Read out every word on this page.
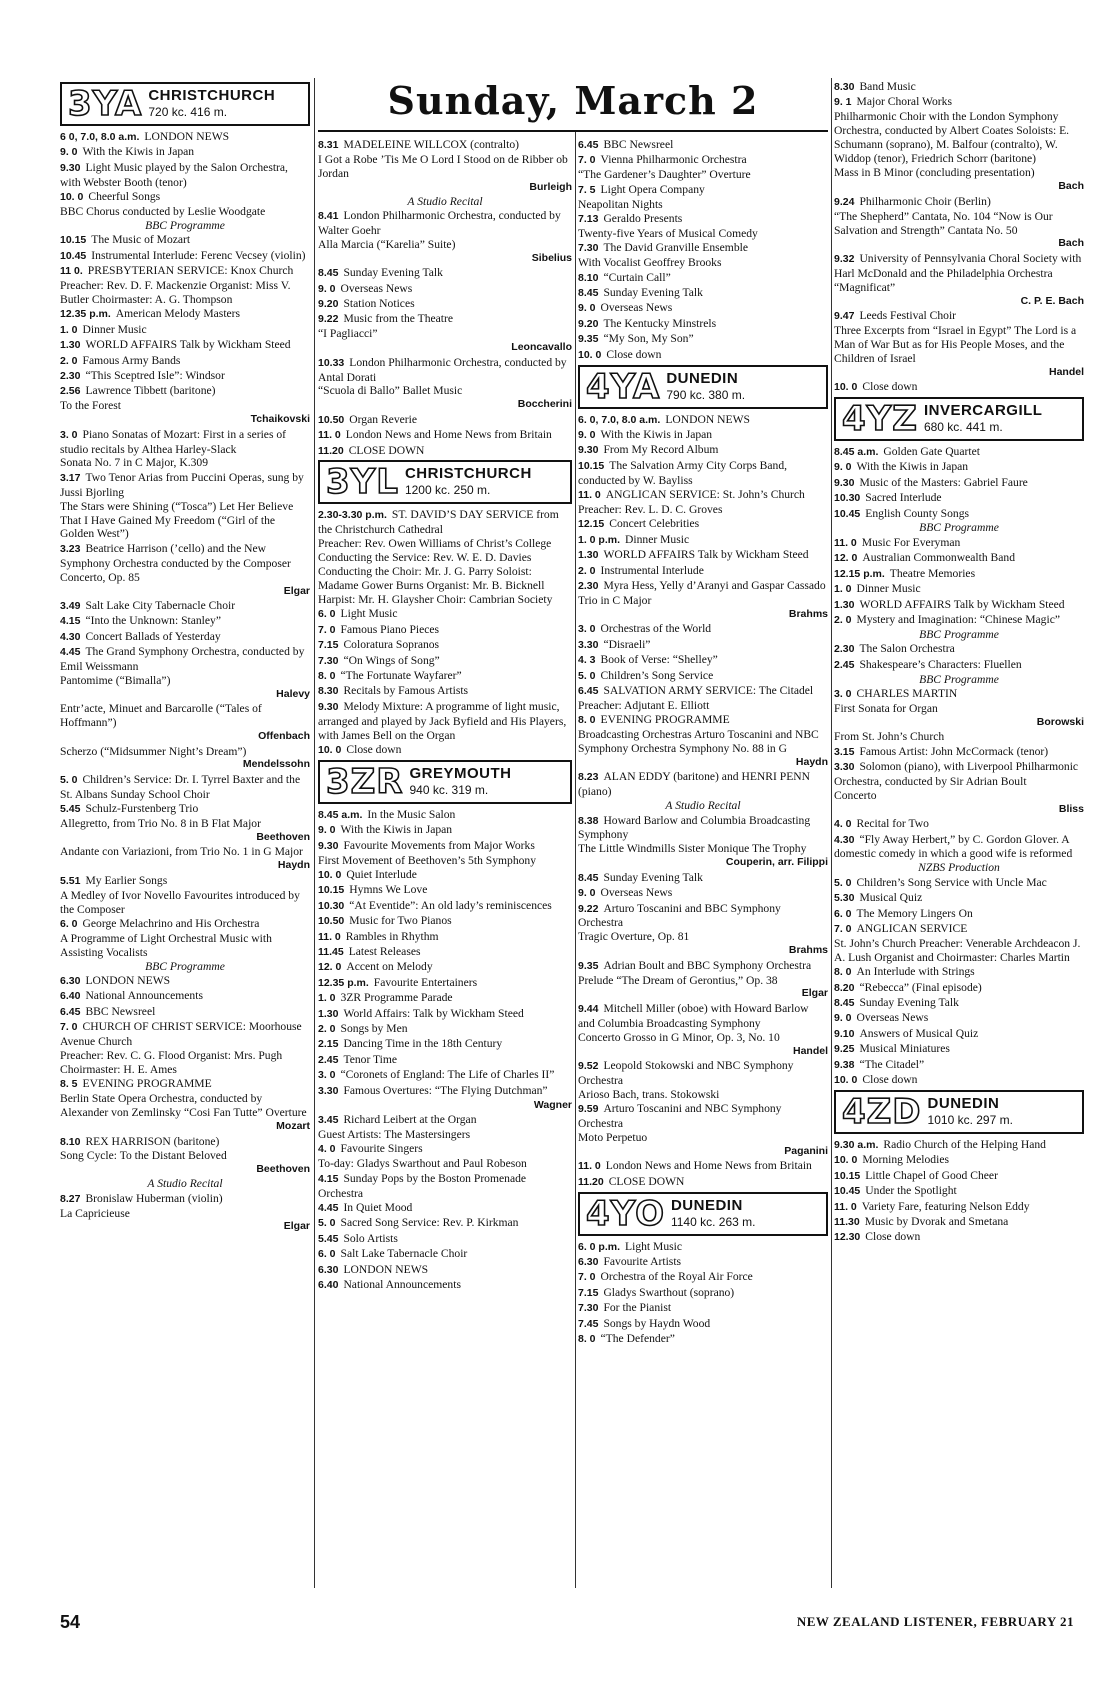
Sunday, March 2
3YA CHRISTCHURCH
720 kc. 416 m.
6 0, 7.0, 8.0 a.m. LONDON NEWS
9. 0 With the Kiwis in Japan
9.30 Light Music played by the Salon Orchestra, with Webster Booth (tenor)
10. 0 Cheerful Songs
BBC Chorus conducted by Leslie Woodgate
BBC Programme
10.15 The Music of Mozart
10.45 Instrumental Interlude: Ferenc Vecsey (violin)
11 0. PRESBYTERIAN SERVICE: Knox Church
Preacher: Rev. D. F. Mackenzie Organist: Miss V. Butler Choirmaster: A. G. Thompson
12.35 p.m. American Melody Masters
1. 0 Dinner Music
1.30 WORLD AFFAIRS Talk by Wickham Steed
2. 0 Famous Army Bands
2.30 “This Sceptred Isle”: Windsor
2.56 Lawrence Tibbett (baritone)
To the Forest
Tchaikovski
3. 0 Piano Sonatas of Mozart: First in a series of studio recitals by Althea Harley-Slack
Sonata No. 7 in C Major, K.309
3.17 Two Tenor Arias from Puccini Operas, sung by Jussi Bjorling
The Stars were Shining (“Tosca”) Let Her Believe That I Have Gained My Freedom (“Girl of the Golden West”)
3.23 Beatrice Harrison (’cello) and the New Symphony Orchestra conducted by the Composer
Concerto, Op. 85
Elgar
3.49 Salt Lake City Tabernacle Choir
4.15 “Into the Unknown: Stanley”
4.30 Concert Ballads of Yesterday
4.45 The Grand Symphony Orchestra, conducted by Emil Weissmann
Pantomime (“Bimalla”)
Halevy
Entr’acte, Minuet and Barcarolle (“Tales of Hoffmann”)
Offenbach
Scherzo (“Midsummer Night’s Dream”)
Mendelssohn
5. 0 Children’s Service: Dr. I. Tyrrel Baxter and the St. Albans Sunday School Choir
5.45 Schulz-Furstenberg Trio
Allegretto, from Trio No. 8 in B Flat Major
Beethoven
Andante con Variazioni, from Trio No. 1 in G Major
Haydn
5.51 My Earlier Songs
A Medley of Ivor Novello Favourites introduced by the Composer
6. 0 George Melachrino and His Orchestra
A Programme of Light Orchestral Music with Assisting Vocalists
BBC Programme
6.30 LONDON NEWS
6.40 National Announcements
6.45 BBC Newsreel
7. 0 CHURCH OF CHRIST SERVICE: Moorhouse Avenue Church
Preacher: Rev. C. G. Flood Organist: Mrs. Pugh Choirmaster: H. E. Ames
8. 5 EVENING PROGRAMME
Berlin State Opera Orchestra, conducted by Alexander von Zemlinsky “Cosi Fan Tutte” Overture
Mozart
8.10 REX HARRISON (baritone)
Song Cycle: To the Distant Beloved
Beethoven
A Studio Recital
8.27 Bronislaw Huberman (violin)
La Capricieuse
Elgar
8.31 MADELEINE WILLCOX (contralto)
I Got a Robe ’Tis Me O Lord I Stood on de Ribber ob Jordan
Burleigh
A Studio Recital
8.41 London Philharmonic Orchestra, conducted by Walter Goehr
Alla Marcia (“Karelia” Suite)
Sibelius
8.45 Sunday Evening Talk
9. 0 Overseas News
9.20 Station Notices
9.22 Music from the Theatre
“I Pagliacci”
Leoncavallo
10.33 London Philharmonic Orchestra, conducted by Antal Dorati
“Scuola di Ballo” Ballet Music
Boccherini
10.50 Organ Reverie
11. 0 London News and Home News from Britain
11.20 CLOSE DOWN
3YL CHRISTCHURCH
1200 kc. 250 m.
2.30-3.30 p.m. ST. DAVID’S DAY SERVICE from the Christchurch Cathedral
Preacher: Rev. Owen Williams of Christ’s College Conducting the Service: Rev. W. E. D. Davies Conducting the Choir: Mr. J. G. Parry Soloist: Madame Gower Burns Organist: Mr. B. Bicknell Harpist: Mr. H. Glaysher Choir: Cambrian Society
6. 0 Light Music
7. 0 Famous Piano Pieces
7.15 Coloratura Sopranos
7.30 “On Wings of Song”
8. 0 “The Fortunate Wayfarer”
8.30 Recitals by Famous Artists
9.30 Melody Mixture: A programme of light music, arranged and played by Jack Byfield and His Players, with James Bell on the Organ
10. 0 Close down
3ZR GREYMOUTH
940 kc. 319 m.
8.45 a.m. In the Music Salon
9. 0 With the Kiwis in Japan
9.30 Favourite Movements from Major Works
First Movement of Beethoven’s 5th Symphony
10. 0 Quiet Interlude
10.15 Hymns We Love
10.30 “At Eventide”: An old lady’s reminiscences
10.50 Music for Two Pianos
11. 0 Rambles in Rhythm
11.45 Latest Releases
12. 0 Accent on Melody
12.35 p.m. Favourite Entertainers
1. 0 3ZR Programme Parade
1.30 World Affairs: Talk by Wickham Steed
2. 0 Songs by Men
2.15 Dancing Time in the 18th Century
2.45 Tenor Time
3. 0 “Coronets of England: The Life of Charles II”
3.30 Famous Overtures: “The Flying Dutchman”
Wagner
3.45 Richard Leibert at the Organ
Guest Artists: The Mastersingers
4. 0 Favourite Singers
To-day: Gladys Swarthout and Paul Robeson
4.15 Sunday Pops by the Boston Promenade Orchestra
4.45 In Quiet Mood
5. 0 Sacred Song Service: Rev. P. Kirkman
5.45 Solo Artists
6. 0 Salt Lake Tabernacle Choir
6.30 LONDON NEWS
6.40 National Announcements
6.45 BBC Newsreel
7. 0 Vienna Philharmonic Orchestra
“The Gardener’s Daughter” Overture
7. 5 Light Opera Company
Neapolitan Nights
7.13 Geraldo Presents
Twenty-five Years of Musical Comedy
7.30 The David Granville Ensemble
With Vocalist Geoffrey Brooks
8.10 “Curtain Call”
8.45 Sunday Evening Talk
9. 0 Overseas News
9.20 The Kentucky Minstrels
9.35 “My Son, My Son”
10. 0 Close down
4YA DUNEDIN
790 kc. 380 m.
6. 0, 7.0, 8.0 a.m. LONDON NEWS
9. 0 With the Kiwis in Japan
9.30 From My Record Album
10.15 The Salvation Army City Corps Band, conducted by W. Bayliss
11. 0 ANGLICAN SERVICE: St. John’s Church
Preacher: Rev. L. D. C. Groves
12.15 Concert Celebrities
1. 0 p.m. Dinner Music
1.30 WORLD AFFAIRS Talk by Wickham Steed
2. 0 Instrumental Interlude
2.30 Myra Hess, Yelly d’Aranyi and Gaspar Cassado
Trio in C Major
Brahms
3. 0 Orchestras of the World
3.30 “Disraeli”
4. 3 Book of Verse: “Shelley”
5. 0 Children’s Song Service
6.45 SALVATION ARMY SERVICE: The Citadel
Preacher: Adjutant E. Elliott
8. 0 EVENING PROGRAMME
Broadcasting Orchestras Arturo Toscanini and NBC Symphony Orchestra Symphony No. 88 in G
Haydn
8.23 ALAN EDDY (baritone) and HENRI PENN (piano)
A Studio Recital
8.38 Howard Barlow and Columbia Broadcasting Symphony
The Little Windmills Sister Monique The Trophy
Couperin, arr. Filippi
8.45 Sunday Evening Talk
9. 0 Overseas News
9.22 Arturo Toscanini and BBC Symphony Orchestra
Tragic Overture, Op. 81
Brahms
9.35 Adrian Boult and BBC Symphony Orchestra
Prelude “The Dream of Gerontius,” Op. 38
Elgar
9.44 Mitchell Miller (oboe) with Howard Barlow and Columbia Broadcasting Symphony
Concerto Grosso in G Minor, Op. 3, No. 10
Handel
9.52 Leopold Stokowski and NBC Symphony Orchestra
Arioso Bach, trans. Stokowski
9.59 Arturo Toscanini and NBC Symphony Orchestra
Moto Perpetuo
Paganini
11. 0 London News and Home News from Britain
11.20 CLOSE DOWN
4YO DUNEDIN
1140 kc. 263 m.
6. 0 p.m. Light Music
6.30 Favourite Artists
7. 0 Orchestra of the Royal Air Force
7.15 Gladys Swarthout (soprano)
7.30 For the Pianist
7.45 Songs by Haydn Wood
8. 0 “The Defender”
8.30 Band Music
9. 1 Major Choral Works
Philharmonic Choir with the London Symphony Orchestra, conducted by Albert Coates Soloists: E. Schumann (soprano), M. Balfour (contralto), W. Widdop (tenor), Friedrich Schorr (baritone)
Mass in B Minor (concluding presentation)
Bach
9.24 Philharmonic Choir (Berlin)
“The Shepherd” Cantata, No. 104 “Now is Our Salvation and Strength” Cantata No. 50
Bach
9.32 University of Pennsylvania Choral Society with Harl McDonald and the Philadelphia Orchestra
“Magnificat”
C. P. E. Bach
9.47 Leeds Festival Choir
Three Excerpts from “Israel in Egypt” The Lord is a Man of War But as for His People Moses, and the Children of Israel
Handel
10. 0 Close down
4YZ INVERCARGILL
680 kc. 441 m.
8.45 a.m. Golden Gate Quartet
9. 0 With the Kiwis in Japan
9.30 Music of the Masters: Gabriel Faure
10.30 Sacred Interlude
10.45 English County Songs
BBC Programme
11. 0 Music For Everyman
12. 0 Australian Commonwealth Band
12.15 p.m. Theatre Memories
1. 0 Dinner Music
1.30 WORLD AFFAIRS Talk by Wickham Steed
2. 0 Mystery and Imagination: “Chinese Magic”
BBC Programme
2.30 The Salon Orchestra
2.45 Shakespeare’s Characters: Fluellen
BBC Programme
3. 0 CHARLES MARTIN
First Sonata for Organ
Borowski
From St. John’s Church
3.15 Famous Artist: John McCormack (tenor)
3.30 Solomon (piano), with Liverpool Philharmonic Orchestra, conducted by Sir Adrian Boult
Concerto
Bliss
4. 0 Recital for Two
4.30 “Fly Away Herbert,” by C. Gordon Glover. A domestic comedy in which a good wife is reformed
NZBS Production
5. 0 Children’s Song Service with Uncle Mac
5.30 Musical Quiz
6. 0 The Memory Lingers On
7. 0 ANGLICAN SERVICE
St. John’s Church Preacher: Venerable Archdeacon J. A. Lush Organist and Choirmaster: Charles Martin
8. 0 An Interlude with Strings
8.20 “Rebecca” (Final episode)
8.45 Sunday Evening Talk
9. 0 Overseas News
9.10 Answers of Musical Quiz
9.25 Musical Miniatures
9.38 “The Citadel”
10. 0 Close down
4ZD DUNEDIN
1010 kc. 297 m.
9.30 a.m. Radio Church of the Helping Hand
10. 0 Morning Melodies
10.15 Little Chapel of Good Cheer
10.45 Under the Spotlight
11. 0 Variety Fare, featuring Nelson Eddy
11.30 Music by Dvorak and Smetana
12.30 Close down
54	NEW ZEALAND LISTENER, FEBRUARY 21
